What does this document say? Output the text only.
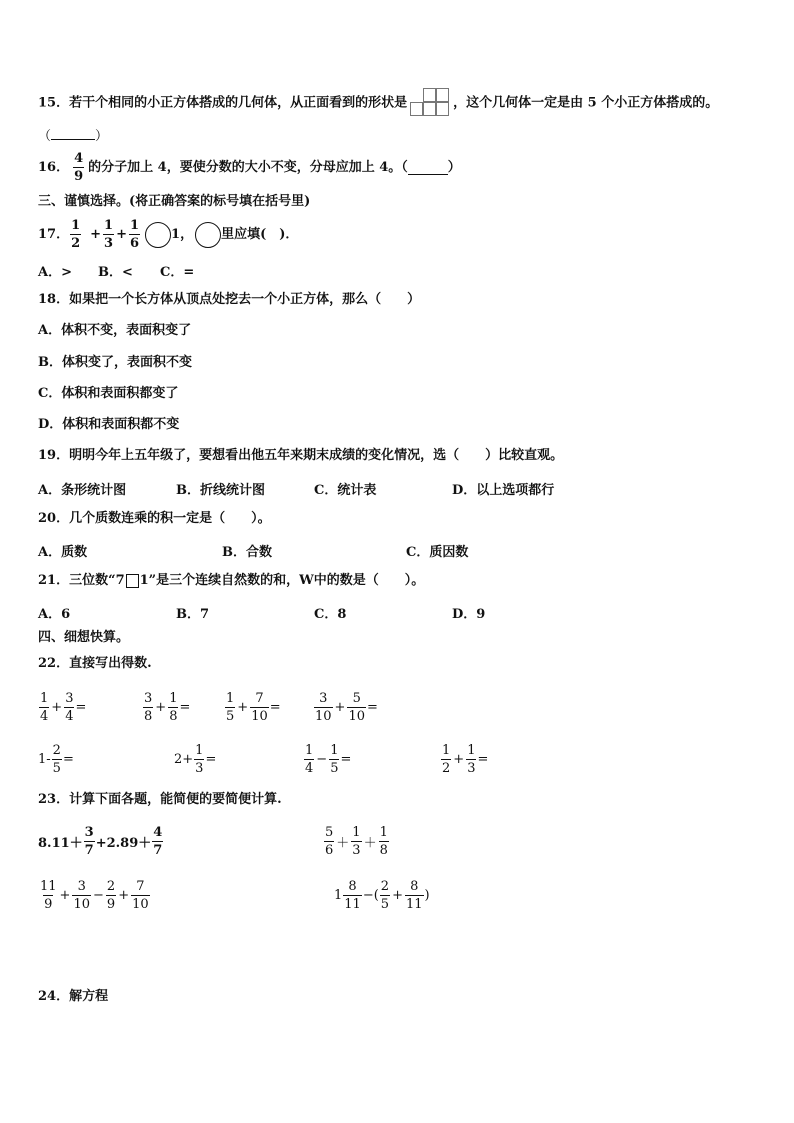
15．若干个相同的小正方体搭成的几何体，从正面看到的形状是	，这个几何体一定是由 5 个小正方体搭成的。
（	）
16． $\frac{4}{9}$ 的分子加上 4，要使分数的大小不变，分母应加上 4。（	）
三、谨慎选择。(将正确答案的标号填在括号里)
17． $\frac{1}{2} + \frac{1}{3} + \frac{1}{6} 1$， 里应填(　)．
A．> B．< C．=
18．如果把一个长方体从顶点处挖去一个小正方体，那么（　　）
A．体积不变，表面积变了
B．体积变了，表面积不变
C．体积和表面积都变了
D．体积和表面积都不变
19．明明今年上五年级了，要想看出他五年来期末成绩的变化情况，选（　　）比较直观。
A．条形统计图	B．折线统计图	C．统计表	D．以上选项都行
20．几个质数连乘的积一定是（　　）。
A．质数	B．合数	C．质因数
21．三位数“7 1”是三个连续自然数的和，W中的数是（　　）。
A．6	B．7	C．8	D．9
四、细想快算。
22．直接写出得数.
$\frac{1}{4} + \frac{3}{4}$ =	$\frac{3}{8} + \frac{1}{8}$ =	$\frac{1}{5} + \frac{7}{10}$ =	$\frac{3}{10} + \frac{5}{10}$ =
$1- \frac{2}{5}$ =	$2+ \frac{1}{3}$ =	$\frac{1}{4} - \frac{1}{5}$ =	$\frac{1}{2} + \frac{1}{3}$ =
23．计算下面各题，能简便的要简便计算.
$8.11+ \frac{3}{7} +2.89+ \frac{4}{7}$	$\frac{5}{6} + \frac{1}{3} + \frac{1}{8}$
$\frac{11}{9} + \frac{3}{10} - \frac{2}{9} + \frac{7}{10}$	$1 \frac{8}{11}$ −( $\frac{2}{5} + \frac{8}{11}$ )
24．解方程
